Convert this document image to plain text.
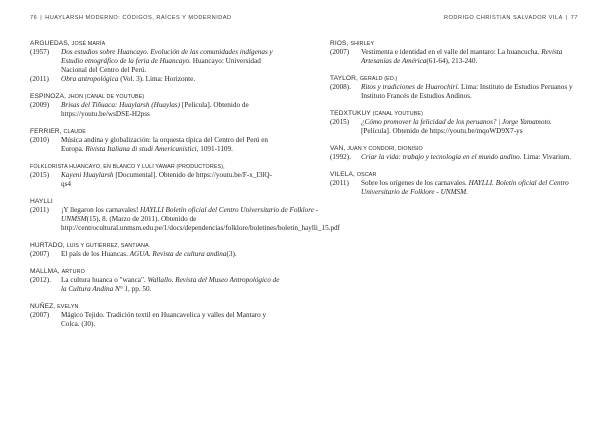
76 | HUAYLARSH MODERNO: CÓDIGOS, RAÍCES Y MODERNIDAD
ARGUEDAS, JOSÉ MARÍA
(1957)	Dos estudios sobre Huancayo. Evolución de las comunidades indígenas y Estudio etnográfico de la feria de Huancayo. Huancayo: Universidad Nacional del Centro del Perú.
(2011)	Obra antropológica (Vol. 3). Lima: Horizonte.
ESPINOZA, JHON (CANAL DE YOUTUBE)
(2009)	Brisas del Tiñuaca: Huaylarsh (Huaylas) [Película]. Obtenido de https://youtu.be/wsDSE-H2pss
FERRIER, CLAUDE
(2010)	Música andina y globalización: la orquesta típica del Centro del Perú en Europa. Rivista Italiana di studi Americanistici, 1091-1109.
FOLKLORISTA HUANCAYO, EN BLANCO Y LULI YAWAR (PRODUCTORES),
(2015)	Kayeni Huaylarsh [Documental]. Obtenido de https://youtu.be/F-x_I3lQ-qs4
HAYLLI
(2011)	¡Y llegaron los carnavales! HAYLLI Boletín oficial del Centro Universitario de Folklore - UNMSM(15), 8. (Marzo de 2011). Obtenido de http://centrocultural.unmsm.edu.pe/1/docs/dependencias/folklore/boletines/boletin_haylli_15.pdf
HURTADO, LUIS Y GUTIÉRREZ, SANTIANA
(2007)	El país de los Huancas. AGUA. Revista de cultura andina(3).
MALLMA, ARTURO
(2012).	La cultura huanca o "wanca". Wallallo. Revista del Museo Antropológico de la Cultura Andina N° 1, pp. 50.
NUÑEZ, EVELYN
(2007)	Mágico Tejido. Tradición textil en Huancavelica y valles del Mantaro y Colca. (30).
RODRIGO CHRISTIAN SALVADOR VILA | 77
RIOS, SHIRLEY
(2007)	Vestimenta e identidad en el valle del mantaro: La huancucha. Revista Artesanías de América(61-64), 213-240.
TAYLOR, GERALD (ED.)
(2008).	Ritos y tradiciones de Huarochirí. Lima: Instituto de Estudios Peruanos y Instituto Francés de Estudios Andinos.
TEDXTUKUY (CANAL YOUTUBE)
(2015)	¿Cómo promover la felicidad de los peruanos? | Jorge Yamamoto. [Película]. Obtenido de https://youtu.be/mqoWD9X7-ys
VAN, JUAN Y CONDORI, DIONISIO
(1992).	Criar la vida: trabajo y tecnología en el mundo andino. Lima: Vivarium.
VILELA, OSCAR
(2011)	Sobre los orígenes de los carnavales. HAYLLI. Boletín oficial del Centro Universitario de Folklore - UNMSM.
